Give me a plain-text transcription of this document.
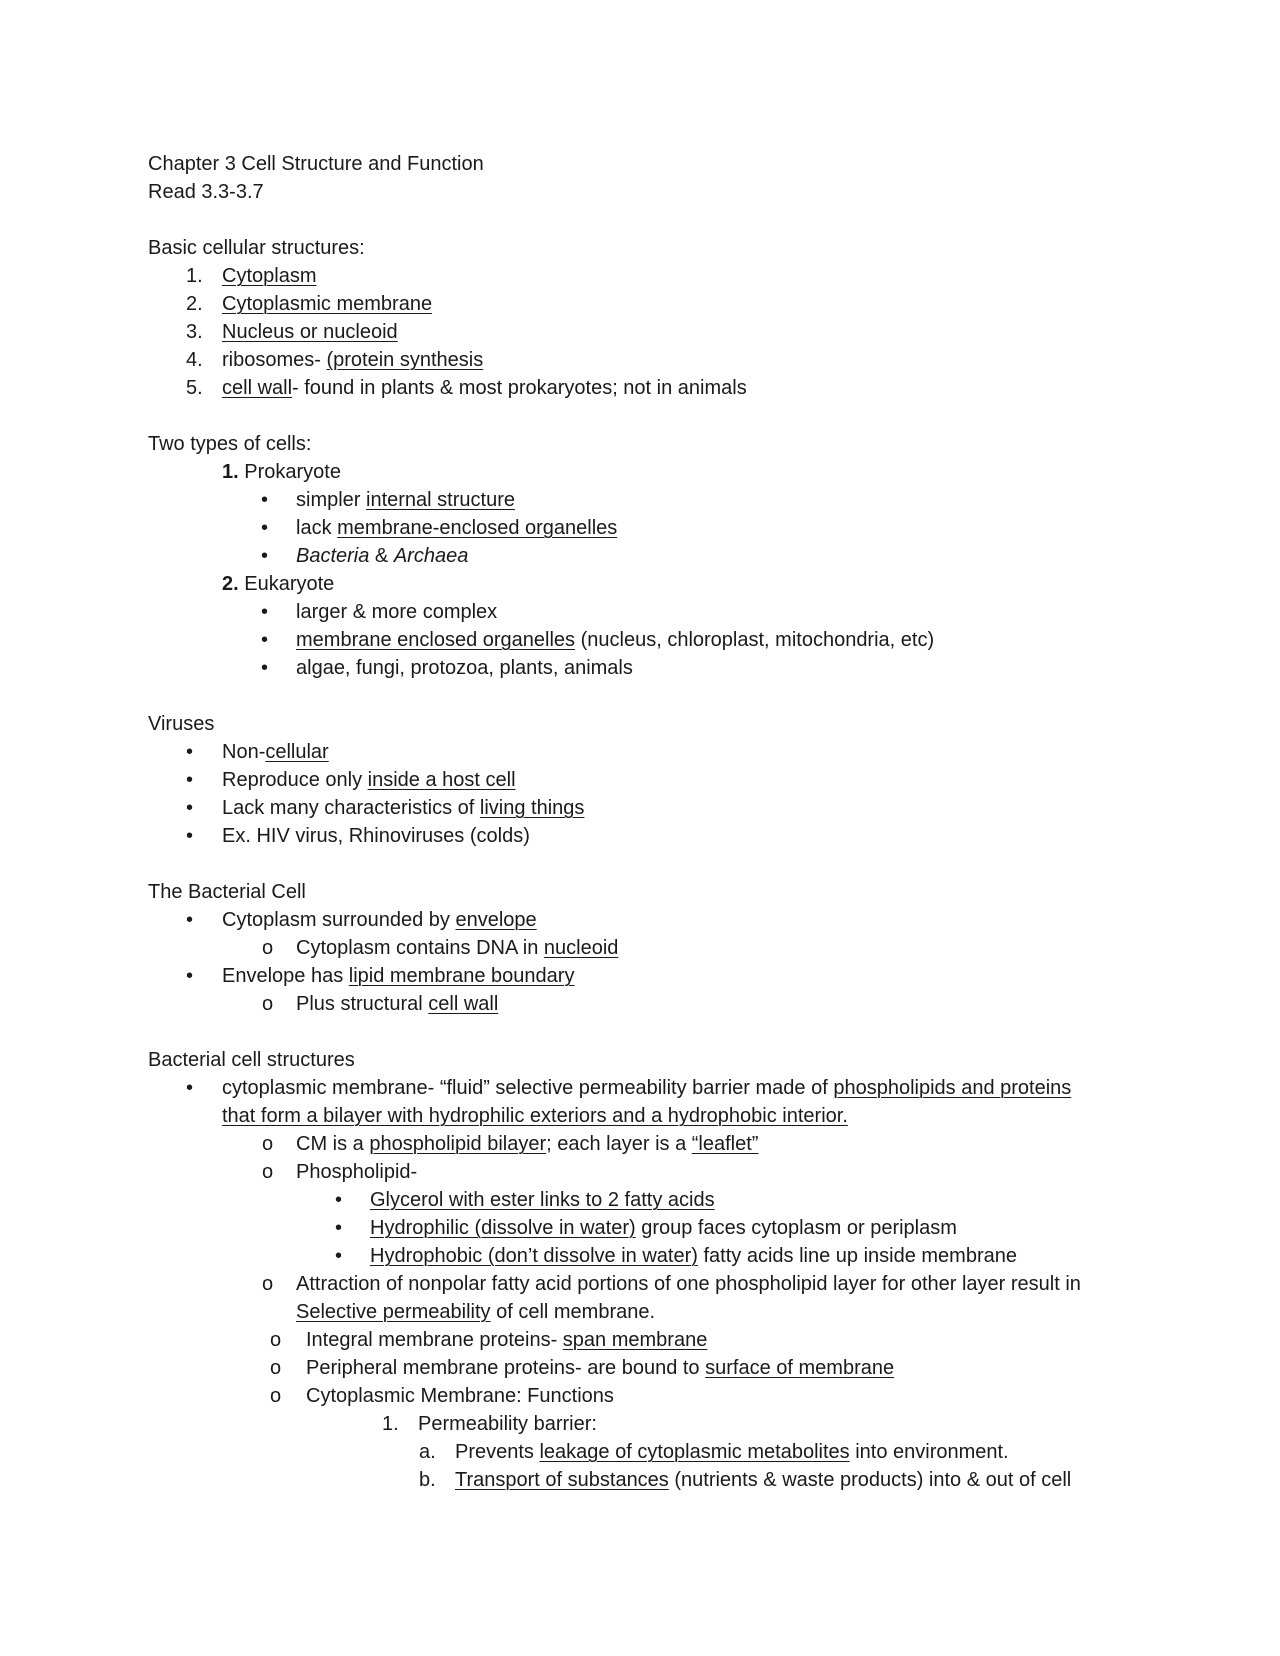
Chapter 3 Cell Structure and Function
Read 3.3-3.7
Basic cellular structures:
1. Cytoplasm
2. Cytoplasmic membrane
3. Nucleus or nucleoid
4. ribosomes- (protein synthesis
5. cell wall- found in plants & most prokaryotes; not in animals
Two types of cells:
1. Prokaryote
• simpler internal structure
• lack membrane-enclosed organelles
• Bacteria & Archaea
2. Eukaryote
• larger & more complex
• membrane enclosed organelles (nucleus, chloroplast, mitochondria, etc)
• algae, fungi, protozoa, plants, animals
Viruses
• Non-cellular
• Reproduce only inside a host cell
• Lack many characteristics of living things
• Ex. HIV virus, Rhinoviruses (colds)
The Bacterial Cell
• Cytoplasm surrounded by envelope
o Cytoplasm contains DNA in nucleoid
• Envelope has lipid membrane boundary
o Plus structural cell wall
Bacterial cell structures
• cytoplasmic membrane- “fluid” selective permeability barrier made of phospholipids and proteins
that form a bilayer with hydrophilic exteriors and a hydrophobic interior.
o CM is a phospholipid bilayer; each layer is a “leaflet”
o Phospholipid-
• Glycerol with ester links to 2 fatty acids
• Hydrophilic (dissolve in water) group faces cytoplasm or periplasm
• Hydrophobic (don’t dissolve in water) fatty acids line up inside membrane
o Attraction of nonpolar fatty acid portions of one phospholipid layer for other layer result in
Selective permeability of cell membrane.
o Integral membrane proteins- span membrane
o Peripheral membrane proteins- are bound to surface of membrane
o Cytoplasmic Membrane: Functions
1. Permeability barrier:
a. Prevents leakage of cytoplasmic metabolites into environment.
b. Transport of substances (nutrients & waste products) into & out of cell
